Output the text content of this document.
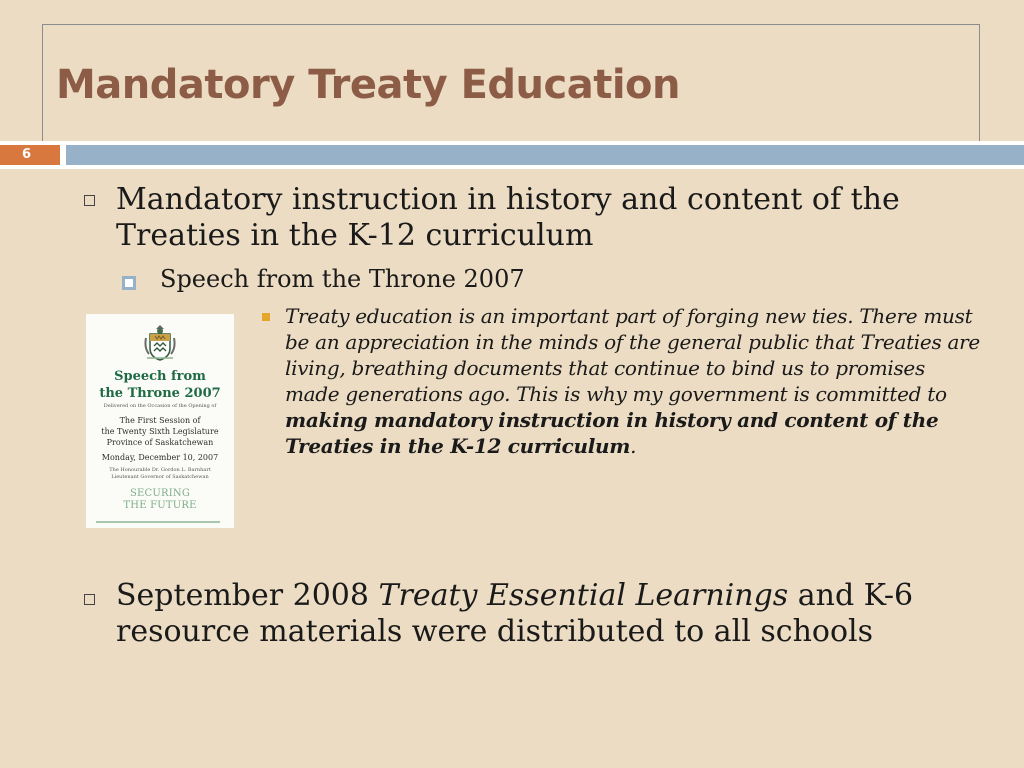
Mandatory Treaty Education
6
Mandatory instruction in history and content of the Treaties in the K-12 curriculum
Speech from the Throne 2007
Treaty education is an important part of forging new ties. There must be an appreciation in the minds of the general public that Treaties are living, breathing documents that continue to bind us to promises made generations ago. This is why my government is committed to making mandatory instruction in history and content of the Treaties in the K-12 curriculum.
Speech from
the Throne 2007
Delivered on the Occasion of the Opening of
The First Session of
the Twenty Sixth Legislature
Province of Saskatchewan
Monday, December 10, 2007
The Honourable Dr. Gordon L. Barnhart
Lieutenant Governor of Saskatchewan
SECURING
THE FUTURE
September 2008 Treaty Essential Learnings and K-6 resource materials were distributed to all schools
